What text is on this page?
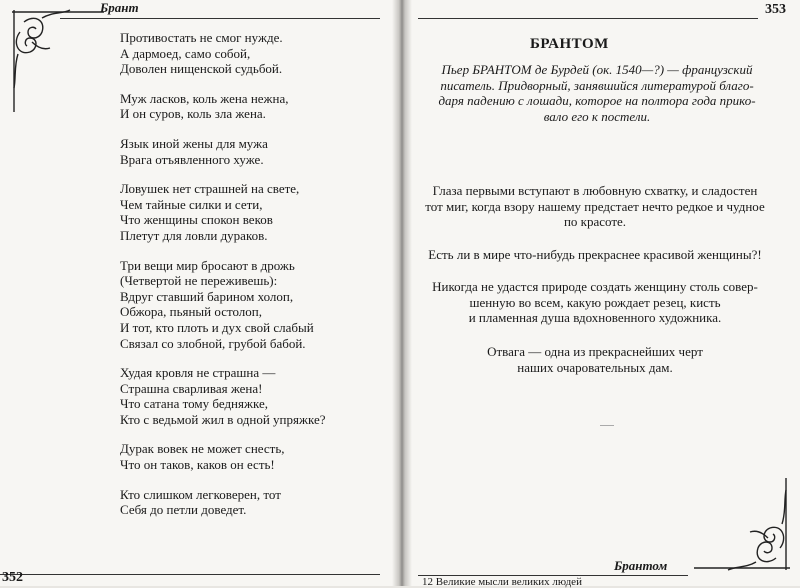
Брант
Противостать не смог нужде.
А дармоед, само собой,
Доволен нищенской судьбой.
Муж ласков, коль жена нежна,
И он суров, коль зла жена.
Язык иной жены для мужа
Врага отъявленного хуже.
Ловушек нет страшней на свете,
Чем тайные силки и сети,
Что женщины спокон веков
Плетут для ловли дураков.
Три вещи мир бросают в дрожь
(Четвертой не переживешь):
Вдруг ставший барином холоп,
Обжора, пьяный остолоп,
И тот, кто плоть и дух свой слабый
Связал со злобной, грубой бабой.
Худая кровля не страшна —
Страшна сварливая жена!
Что сатана тому бедняжке,
Кто с ведьмой жил в одной упряжке?
Дурак вовек не может снесть,
Что он таков, каков он есть!
Кто слишком легковерен, тот
Себя до петли доведет.
352
353
БРАНТОМ
Пьер БРАНТОМ де Бурдей (ок. 1540—?) — французский
писатель. Придворный, занявшийся литературой благо-
даря падению с лошади, которое на полтора года прико-
вало его к постели.
Глаза первыми вступают в любовную схватку, и сладостен
тот миг, когда взору нашему предстает нечто редкое и чудное
по красоте.
Есть ли в мире что-нибудь прекраснее красивой женщины?!
Никогда не удастся природе создать женщину столь совер-
шенную во всем, какую рождает резец, кисть
и пламенная душа вдохновенного художника.
Отвага — одна из прекраснейших черт
наших очаровательных дам.
Брантом
12 Великие мысли великих людей
